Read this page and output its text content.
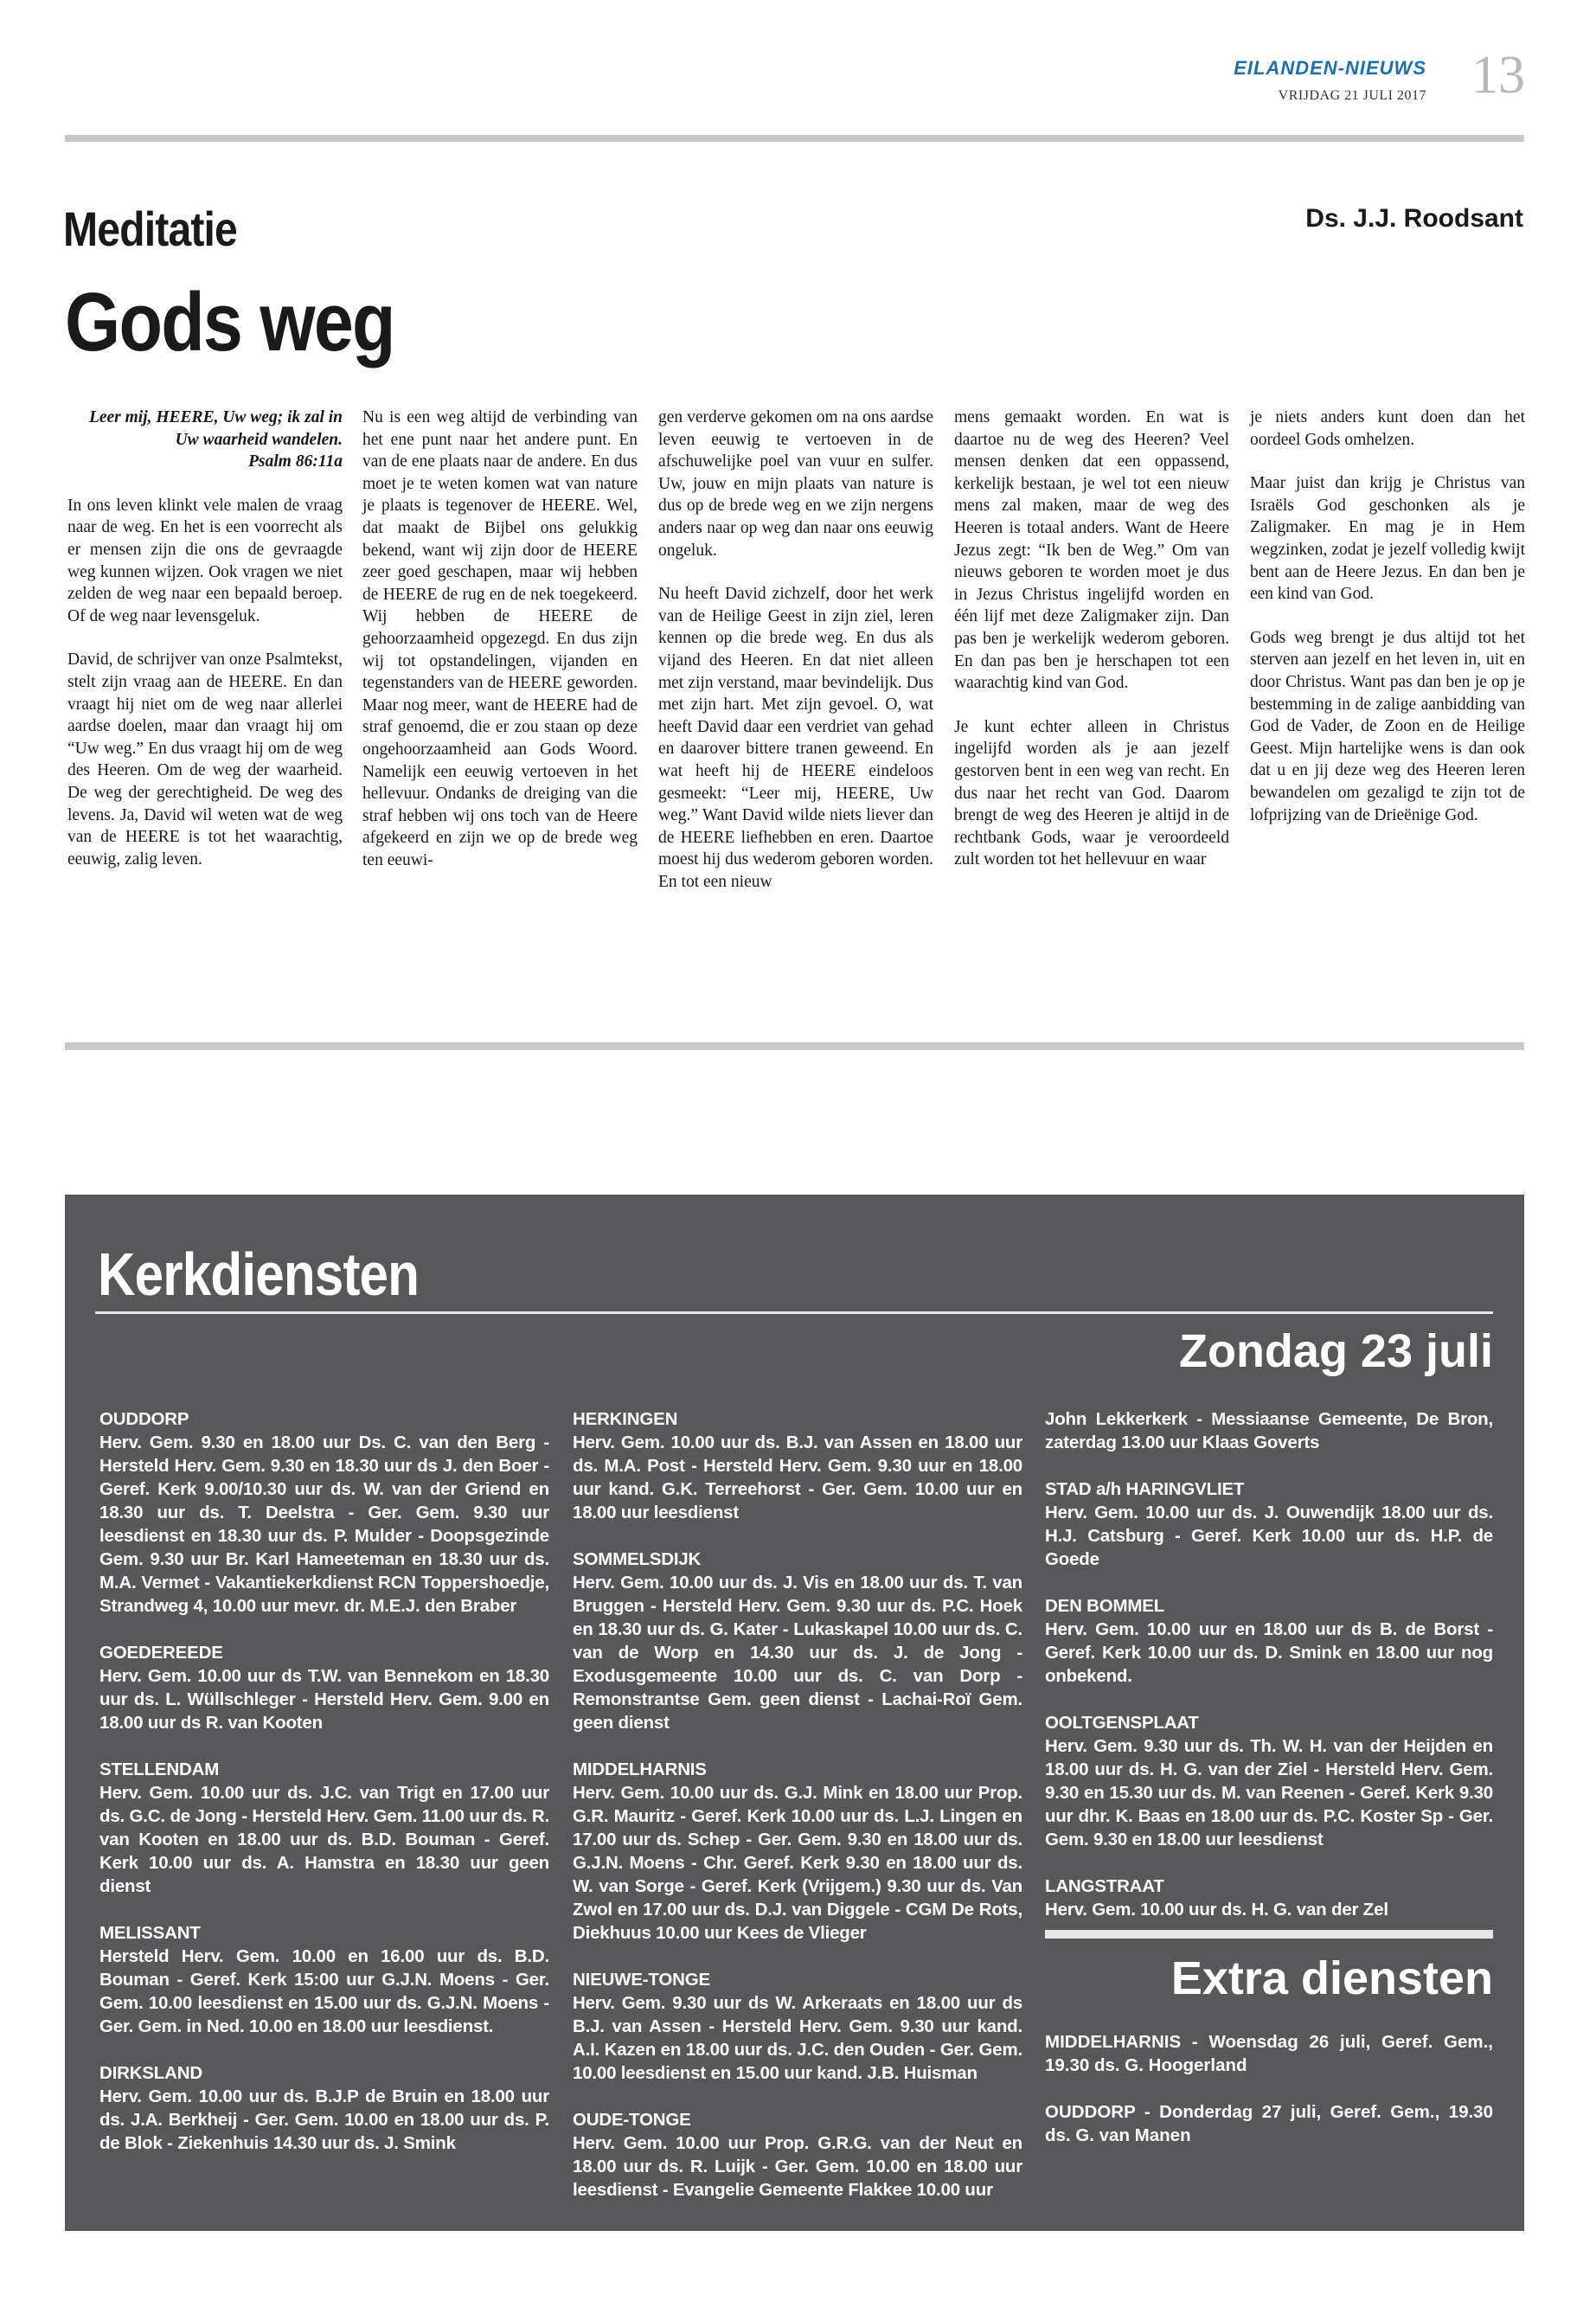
EILANDEN-NIEUWS
VRIJDAG 21 JULI 2017 13
Meditatie
Gods weg
Ds. J.J. Roodsant
Leer mij, HEERE, Uw weg; ik zal in Uw waarheid wandelen.
Psalm 86:11a

In ons leven klinkt vele malen de vraag naar de weg. En het is een voorrecht als er mensen zijn die ons de gevraagde weg kunnen wijzen. Ook vragen we niet zelden de weg naar een bepaald beroep. Of de weg naar levensgeluk.

David, de schrijver van onze Psalmtekst, stelt zijn vraag aan de HEERE. En dan vraagt hij niet om de weg naar allerlei aardse doelen, maar dan vraagt hij om “Uw weg.” En dus vraagt hij om de weg des Heeren. Om de weg der waarheid. De weg der gerechtigheid. De weg des levens. Ja, David wil weten wat de weg van de HEERE is tot het waarachtig, eeuwig, zalig leven.

Nu is een weg altijd de verbinding van het ene punt naar het andere punt. En van de ene plaats naar de andere. En dus moet je te weten komen wat van nature je plaats is tegenover de HEERE. Wel, dat maakt de Bijbel ons gelukkig bekend, want wij zijn door de HEERE zeer goed geschapen, maar wij hebben de HEERE de rug en de nek toegekeerd. Wij hebben de HEERE de gehoorzaamheid opgezegd. En dus zijn wij tot opstandelingen, vijanden en tegenstanders van de HEERE geworden. Maar nog meer, want de HEERE had de straf genoemd, die er zou staan op deze ongehoorzaamheid aan Gods Woord. Namelijk een eeuwig vertoeven in het hellevuur. Ondanks de dreiging van die straf hebben wij ons toch van de Heere afgekeerd en zijn we op de brede weg ten eeuwi-

gen verderve gekomen om na ons aardse leven eeuwig te vertoeven in de afschuwelijke poel van vuur en sulfer. Uw, jouw en mijn plaats van nature is dus op de brede weg en we zijn nergens anders naar op weg dan naar ons eeuwig ongeluk.

Nu heeft David zichzelf, door het werk van de Heilige Geest in zijn ziel, leren kennen op die brede weg. En dus als vijand des Heeren. En dat niet alleen met zijn verstand, maar bevindelijk. Dus met zijn hart. Met zijn gevoel. O, wat heeft David daar een verdriet van gehad en daarover bittere tranen geweend. En wat heeft hij de HEERE eindeloos gesmeekt: “Leer mij, HEERE, Uw weg.” Want David wilde niets liever dan de HEERE liefhebben en eren. Daartoe moest hij dus wederom geboren worden. En tot een nieuw

mens gemaakt worden. En wat is daartoe nu de weg des Heeren? Veel mensen denken dat een oppassend, kerkelijk bestaan, je wel tot een nieuw mens zal maken, maar de weg des Heeren is totaal anders. Want de Heere Jezus zegt: “Ik ben de Weg.” Om van nieuws geboren te worden moet je dus in Jezus Christus ingelijfd worden en één lijf met deze Zaligmaker zijn. Dan pas ben je werkelijk wederom geboren. En dan pas ben je herschapen tot een waarachtig kind van God.

Je kunt echter alleen in Christus ingelijfd worden als je aan jezelf gestorven bent in een weg van recht. En dus naar het recht van God. Daarom brengt de weg des Heeren je altijd in de rechtbank Gods, waar je veroordeeld zult worden tot het hellevuur en waar

je niets anders kunt doen dan het oordeel Gods omhelzen.

Maar juist dan krijg je Christus van Israëls God geschonken als je Zaligmaker. En mag je in Hem wegzinken, zodat je jezelf volledig kwijt bent aan de Heere Jezus. En dan ben je een kind van God.

Gods weg brengt je dus altijd tot het sterven aan jezelf en het leven in, uit en door Christus. Want pas dan ben je op je bestemming in de zalige aanbidding van God de Vader, de Zoon en de Heilige Geest. Mijn hartelijke wens is dan ook dat u en jij deze weg des Heeren leren bewandelen om gezaligd te zijn tot de lofprijzing van de Drieënige God.

Kerkdiensten
Zondag 23 juli
OUDDORP
Herv. Gem. 9.30 en 18.00 uur Ds. C. van den Berg - Hersteld Herv. Gem. 9.30 en 18.30 uur ds J. den Boer - Geref. Kerk 9.00/10.30 uur ds. W. van der Griend en 18.30 uur ds. T. Deelstra - Ger. Gem. 9.30 uur leesdienst en 18.30 uur ds. P. Mulder - Doopsgezinde Gem. 9.30 uur Br. Karl Hameeteman en 18.30 uur ds. M.A. Vermet - Vakantiekerkdienst RCN Toppershoedje, Strandweg 4, 10.00 uur mevr. dr. M.E.J. den Braber
GOEDEREEDE
Herv. Gem. 10.00 uur ds T.W. van Bennekom en 18.30 uur ds. L. Wüllschleger - Hersteld Herv. Gem. 9.00 en 18.00 uur ds R. van Kooten
STELLENDAM
Herv. Gem. 10.00 uur ds. J.C. van Trigt en 17.00 uur ds. G.C. de Jong - Hersteld Herv. Gem. 11.00 uur ds. R. van Kooten en 18.00 uur ds. B.D. Bouman - Geref. Kerk 10.00 uur ds. A. Hamstra en 18.30 uur geen dienst
MELISSANT
Hersteld Herv. Gem. 10.00 en 16.00 uur ds. B.D. Bouman - Geref. Kerk 15:00 uur G.J.N. Moens - Ger. Gem. 10.00 leesdienst en 15.00 uur ds. G.J.N. Moens - Ger. Gem. in Ned. 10.00 en 18.00 uur leesdienst.
DIRKSLAND
Herv. Gem. 10.00 uur ds. B.J.P de Bruin en 18.00 uur ds. J.A. Berkheij - Ger. Gem. 10.00 en 18.00 uur ds. P. de Blok - Ziekenhuis 14.30 uur ds. J. Smink
HERKINGEN
Herv. Gem. 10.00 uur ds. B.J. van Assen en 18.00 uur ds. M.A. Post - Hersteld Herv. Gem. 9.30 uur en 18.00 uur kand. G.K. Terreehorst - Ger. Gem. 10.00 uur en 18.00 uur leesdienst
SOMMELSDIJK
Herv. Gem. 10.00 uur ds. J. Vis en 18.00 uur ds. T. van Bruggen - Hersteld Herv. Gem. 9.30 uur ds. P.C. Hoek en 18.30 uur ds. G. Kater - Lukaskapel 10.00 uur ds. C. van de Worp en 14.30 uur ds. J. de Jong - Exodusgemeente 10.00 uur ds. C. van Dorp - Remonstrantse Gem. geen dienst - Lachai-Roï Gem. geen dienst
MIDDELHARNIS
Herv. Gem. 10.00 uur ds. G.J. Mink en 18.00 uur Prop. G.R. Mauritz - Geref. Kerk 10.00 uur ds. L.J. Lingen en 17.00 uur ds. Schep - Ger. Gem. 9.30 en 18.00 uur ds. G.J.N. Moens - Chr. Geref. Kerk 9.30 en 18.00 uur ds. W. van Sorge - Geref. Kerk (Vrijgem.) 9.30 uur ds. Van Zwol en 17.00 uur ds. D.J. van Diggele - CGM De Rots, Diekhuus 10.00 uur Kees de Vlieger
NIEUWE-TONGE
Herv. Gem. 9.30 uur ds W. Arkeraats en 18.00 uur ds B.J. van Assen - Hersteld Herv. Gem. 9.30 uur kand. A.I. Kazen en 18.00 uur ds. J.C. den Ouden - Ger. Gem. 10.00 leesdienst en 15.00 uur kand. J.B. Huisman
OUDE-TONGE
Herv. Gem. 10.00 uur Prop. G.R.G. van der Neut en 18.00 uur ds. R. Luijk - Ger. Gem. 10.00 en 18.00 uur leesdienst - Evangelie Gemeente Flakkee 10.00 uur
John Lekkerkerk - Messiaanse Gemeente, De Bron, zaterdag 13.00 uur Klaas Goverts
STAD a/h HARINGVLIET
Herv. Gem. 10.00 uur ds. J. Ouwendijk 18.00 uur ds. H.J. Catsburg - Geref. Kerk 10.00 uur ds. H.P. de Goede
DEN BOMMEL
Herv. Gem. 10.00 uur en 18.00 uur ds B. de Borst - Geref. Kerk 10.00 uur ds. D. Smink en 18.00 uur nog onbekend.
OOLTGENSPLAAT
Herv. Gem. 9.30 uur ds. Th. W. H. van der Heijden en 18.00 uur ds. H. G. van der Ziel - Hersteld Herv. Gem. 9.30 en 15.30 uur ds. M. van Reenen - Geref. Kerk 9.30 uur dhr. K. Baas en 18.00 uur ds. P.C. Koster Sp - Ger. Gem. 9.30 en 18.00 uur leesdienst
LANGSTRAAT
Herv. Gem. 10.00 uur ds. H. G. van der Zel
Extra diensten
MIDDELHARNIS - Woensdag 26 juli, Geref. Gem., 19.30 ds. G. Hoogerland
OUDDORP - Donderdag 27 juli, Geref. Gem., 19.30 ds. G. van Manen
